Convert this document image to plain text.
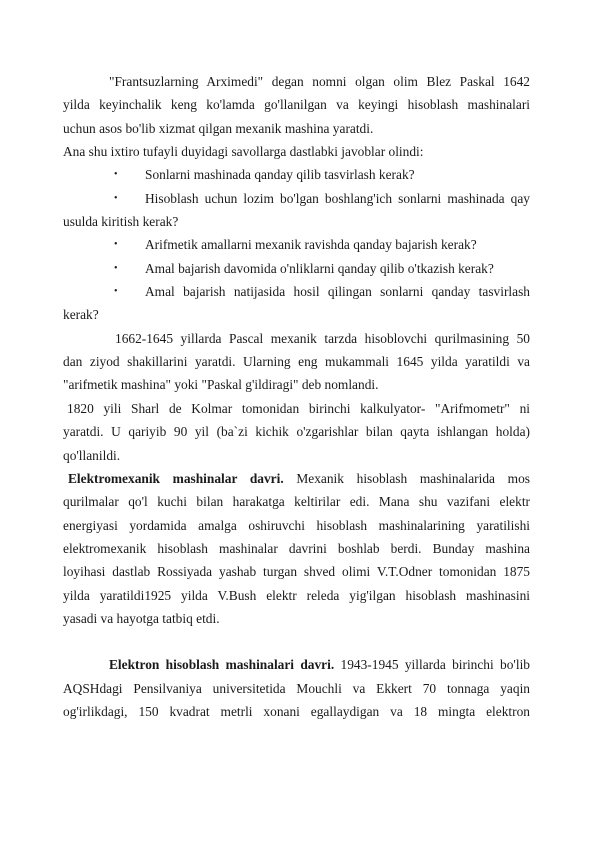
"Frantsuzlarning Arximedi" degan nomni olgan olim Blez Paskal 1642
yilda keyinchalik keng ko'lamda go'llanilgan va keyingi hisoblash mashinalari
uchun asos bo'lib xizmat qilgan mexanik mashina yaratdi.
Ana shu ixtiro tufayli duyidagi savollarga dastlabki javoblar olindi:
• Sonlarni mashinada qanday qilib tasvirlash kerak?
• Hisoblash uchun lozim bo'lgan boshlang'ich sonlarni mashinada qay
usulda kiritish kerak?
• Arifmetik amallarni mexanik ravishda qanday bajarish kerak?
• Amal bajarish davomida o'nliklarni qanday qilib o'tkazish kerak?
• Amal bajarish natijasida hosil qilingan sonlarni qanday tasvirlash
kerak?
1662-1645 yillarda Pascal mexanik tarzda hisoblovchi qurilmasining 50
dan ziyod shakillarini yaratdi. Ularning eng mukammali 1645 yilda yaratildi va
"arifmetik mashina" yoki "Paskal g'ildiragi" deb nomlandi.
1820 yili Sharl de Kolmar tomonidan birinchi kalkulyator- "Arifmometr" ni
yaratdi. U qariyib 90 yil (ba`zi kichik o'zgarishlar bilan qayta ishlangan holda)
qo'llanildi.
Elektromexanik mashinalar davri. Mexanik hisoblash mashinalarida mos
qurilmalar qo'l kuchi bilan harakatga keltirilar edi. Mana shu vazifani elektr
energiyasi yordamida amalga oshiruvchi hisoblash mashinalarining yaratilishi
elektromexanik hisoblash mashinalar davrini boshlab berdi. Bunday mashina
loyihasi dastlab Rossiyada yashab turgan shved olimi V.T.Odner tomonidan 1875
yilda yaratildi1925 yilda V.Bush elektr releda yig'ilgan hisoblash mashinasini
yasadi va hayotga tatbiq etdi.
Elektron hisoblash mashinalari davri. 1943-1945 yillarda birinchi bo'lib
AQSHdagi Pensilvaniya universitetida Mouchli va Ekkert 70 tonnaga yaqin
og'irlikdagi, 150 kvadrat metrli xonani egallaydigan va 18 mingta elektron
